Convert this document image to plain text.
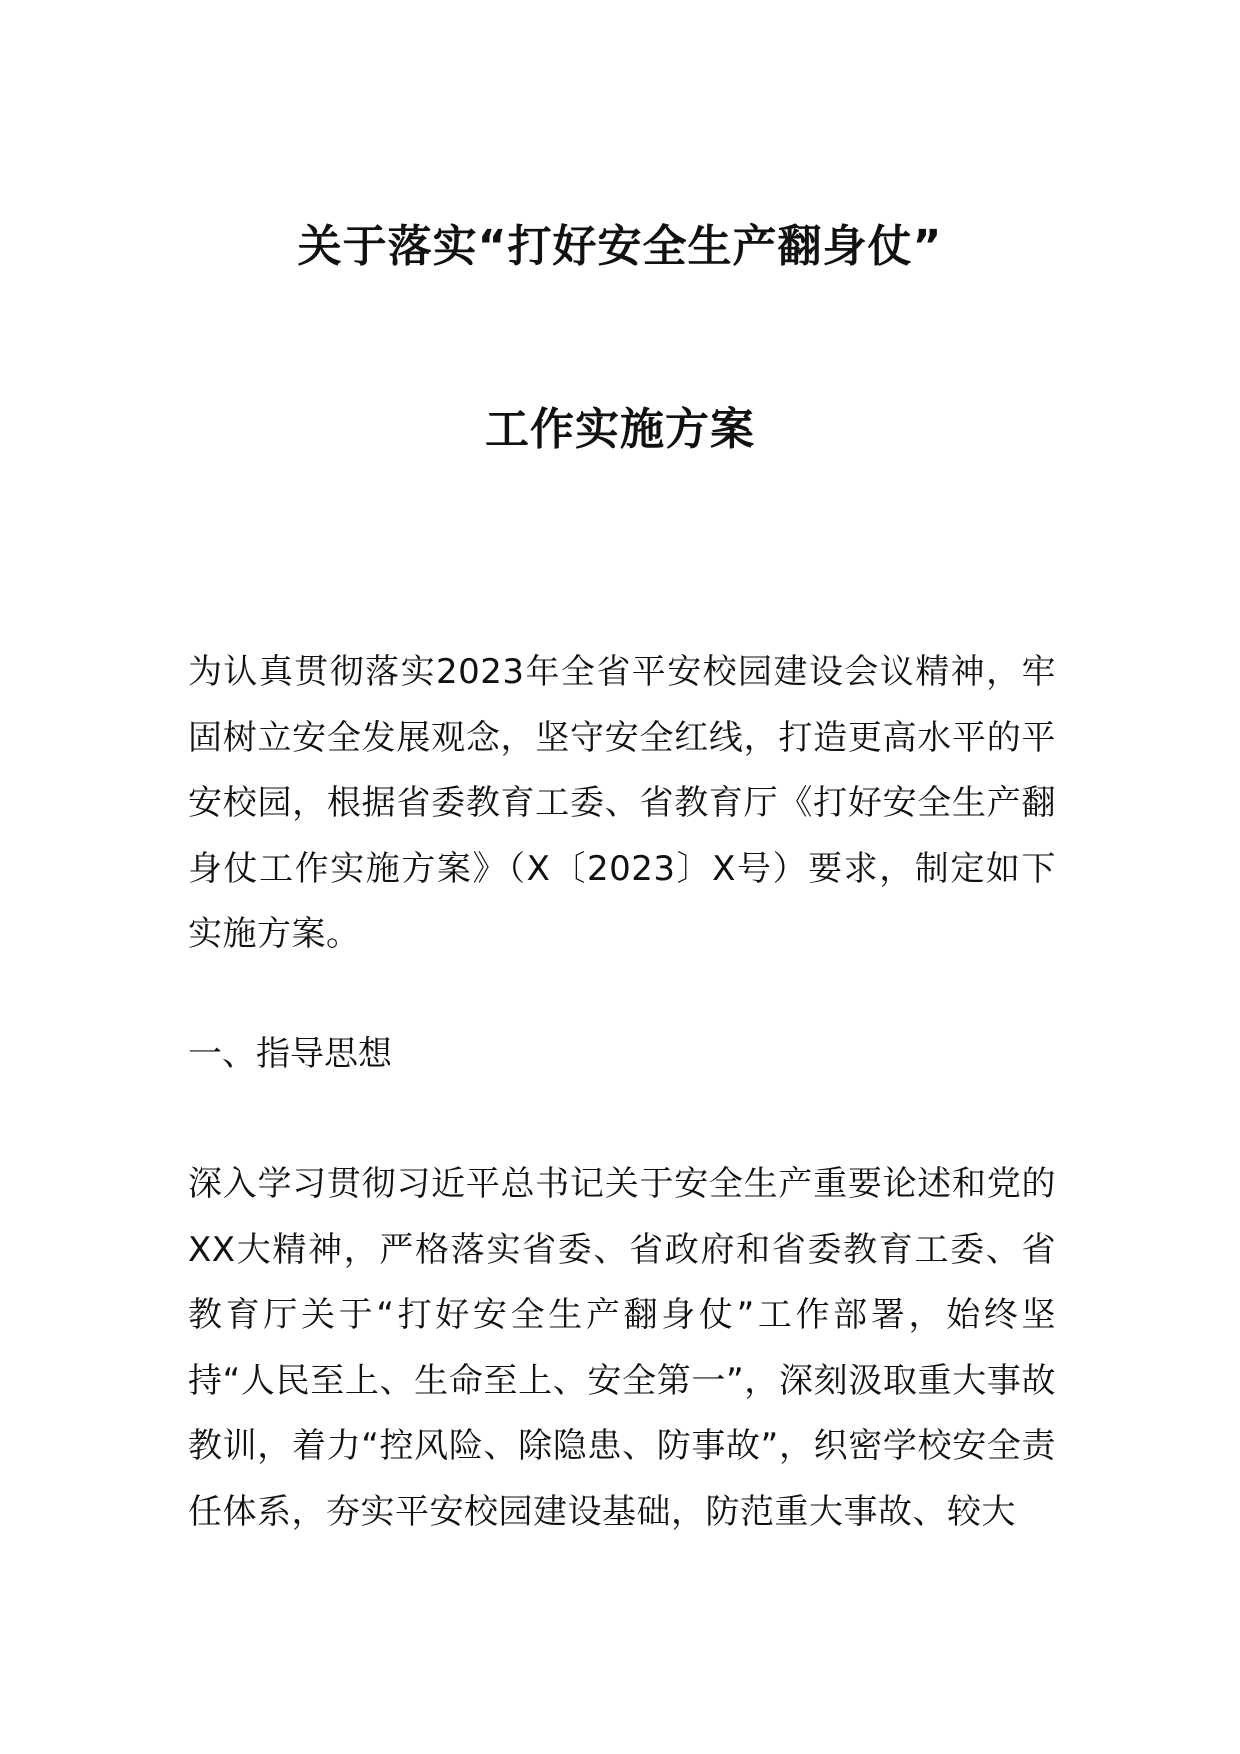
关于落实“打好安全生产翻身仗”
工作实施方案
为认真贯彻落实2023年全省平安校园建设会议精神，牢固树立安全发展观念，坚守安全红线，打造更高水平的平安校园，根据省委教育工委、省教育厅《打好安全生产翻身仗工作实施方案》（X〔2023〕X号）要求，制定如下实施方案。
一、指导思想
深入学习贯彻习近平总书记关于安全生产重要论述和党的XX大精神，严格落实省委、省政府和省委教育工委、省教育厅关于“打好安全生产翻身仗”工作部署，始终坚持“人民至上、生命至上、安全第一”，深刻汲取重大事故教训，着力“控风险、除隐患、防事故”，织密学校安全责任体系，夯实平安校园建设基础，防范重大事故、较大
